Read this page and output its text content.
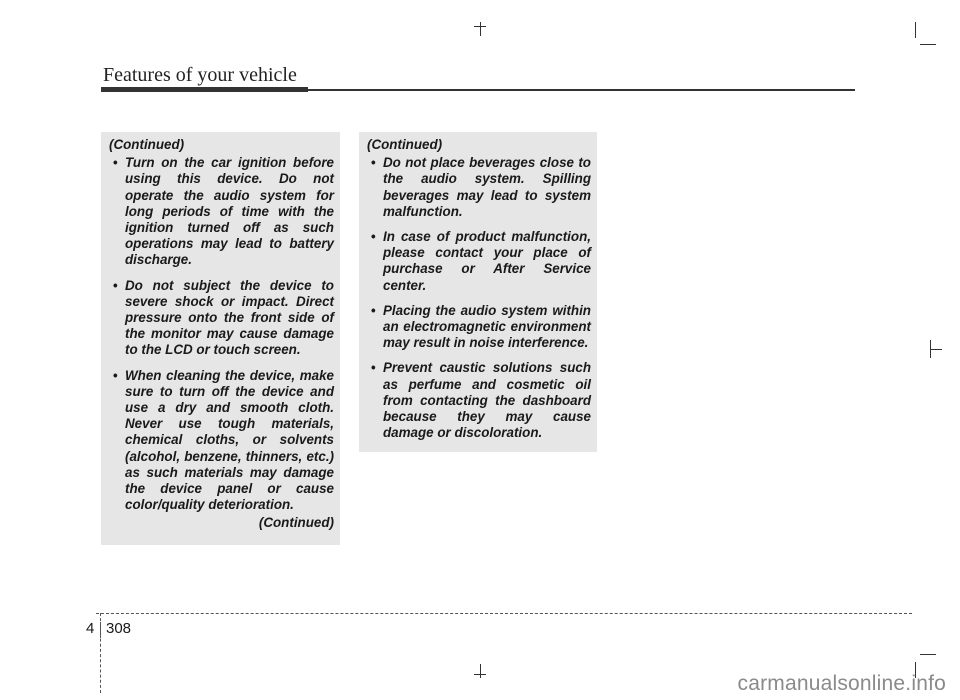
Features of your vehicle
(Continued)
•
Turn on the car ignition before using this device. Do not operate the audio system for long periods of time with the ignition turned off as such operations may lead to battery discharge.
•
Do not subject the device to severe shock or impact. Direct pressure onto the front side of the monitor may cause damage to the LCD or touch screen.
•
When cleaning the device, make sure to turn off the device and use a dry and smooth cloth. Never use tough materials, chemical cloths, or solvents (alcohol, benzene, thinners, etc.) as such materials may damage the device panel or cause color/quality deterioration.
(Continued)
(Continued)
•
Do not place beverages close to the audio system. Spilling beverages may lead to system malfunction.
•
In case of product malfunction, please contact your place of purchase or After Service center.
•
Placing the audio system within an electromagnetic environment may result in noise interference.
•
Prevent caustic solutions such as perfume and cosmetic oil from contacting the dashboard because they may cause damage or discoloration.
4 308
carmanualsonline.info
